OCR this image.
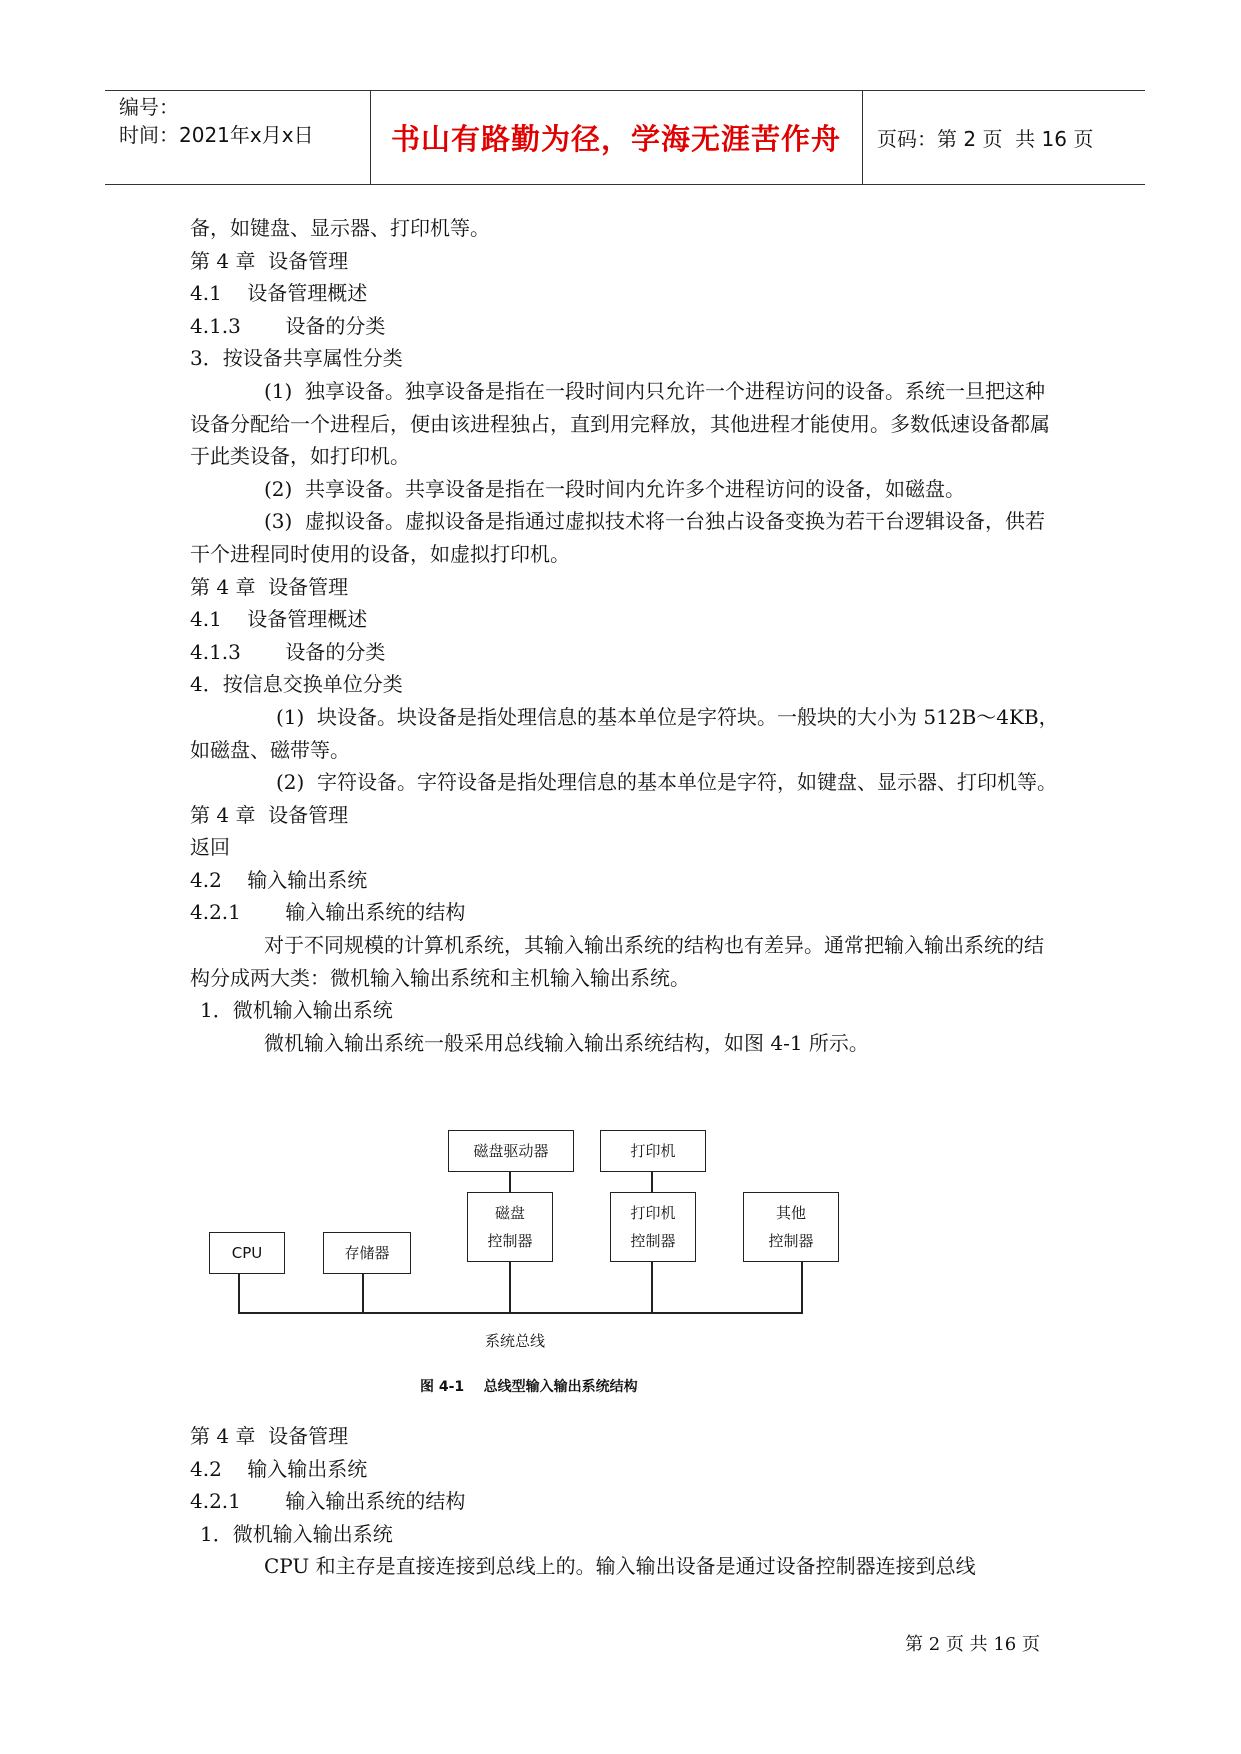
编号：
时间：2021年x月x日	书山有路勤为径，学海无涯苦作舟	页码：第 2 页  共 16 页

备，如键盘、显示器、打印机等。

第 4 章  设备管理

4.1    设备管理概述

4.1.3       设备的分类

3．按设备共享属性分类

(1)  独享设备。独享设备是指在一段时间内只允许一个进程访问的设备。系统一旦把这种设备分配给一个进程后，便由该进程独占，直到用完释放，其他进程才能使用。多数低速设备都属于此类设备，如打印机。

(2)  共享设备。共享设备是指在一段时间内允许多个进程访问的设备，如磁盘。

(3)  虚拟设备。虚拟设备是指通过虚拟技术将一台独占设备变换为若干台逻辑设备，供若干个进程同时使用的设备，如虚拟打印机。

第 4 章  设备管理

4.1    设备管理概述

4.1.3       设备的分类

4．按信息交换单位分类

(1)  块设备。块设备是指处理信息的基本单位是字符块。一般块的大小为 512B～4KB，如磁盘、磁带等。

(2)  字符设备。字符设备是指处理信息的基本单位是字符，如键盘、显示器、打印机等。

第 4 章  设备管理

返回

4.2    输入输出系统

4.2.1       输入输出系统的结构

对于不同规模的计算机系统，其输入输出系统的结构也有差异。通常把输入输出系统的结构分成两大类：微机输入输出系统和主机输入输出系统。

1．微机输入输出系统

微机输入输出系统一般采用总线输入输出系统结构，如图 4-1 所示。

磁盘驱动器	打印机
CPU	存储器
磁盘
控制器
打印机
控制器
其他
控制器
系统总线
图 4-1    总线型输入输出系统结构

第 4 章  设备管理

4.2    输入输出系统

4.2.1       输入输出系统的结构

1．微机输入输出系统

CPU 和主存是直接连接到总线上的。输入输出设备是通过设备控制器连接到总线

第 2 页 共 16 页
